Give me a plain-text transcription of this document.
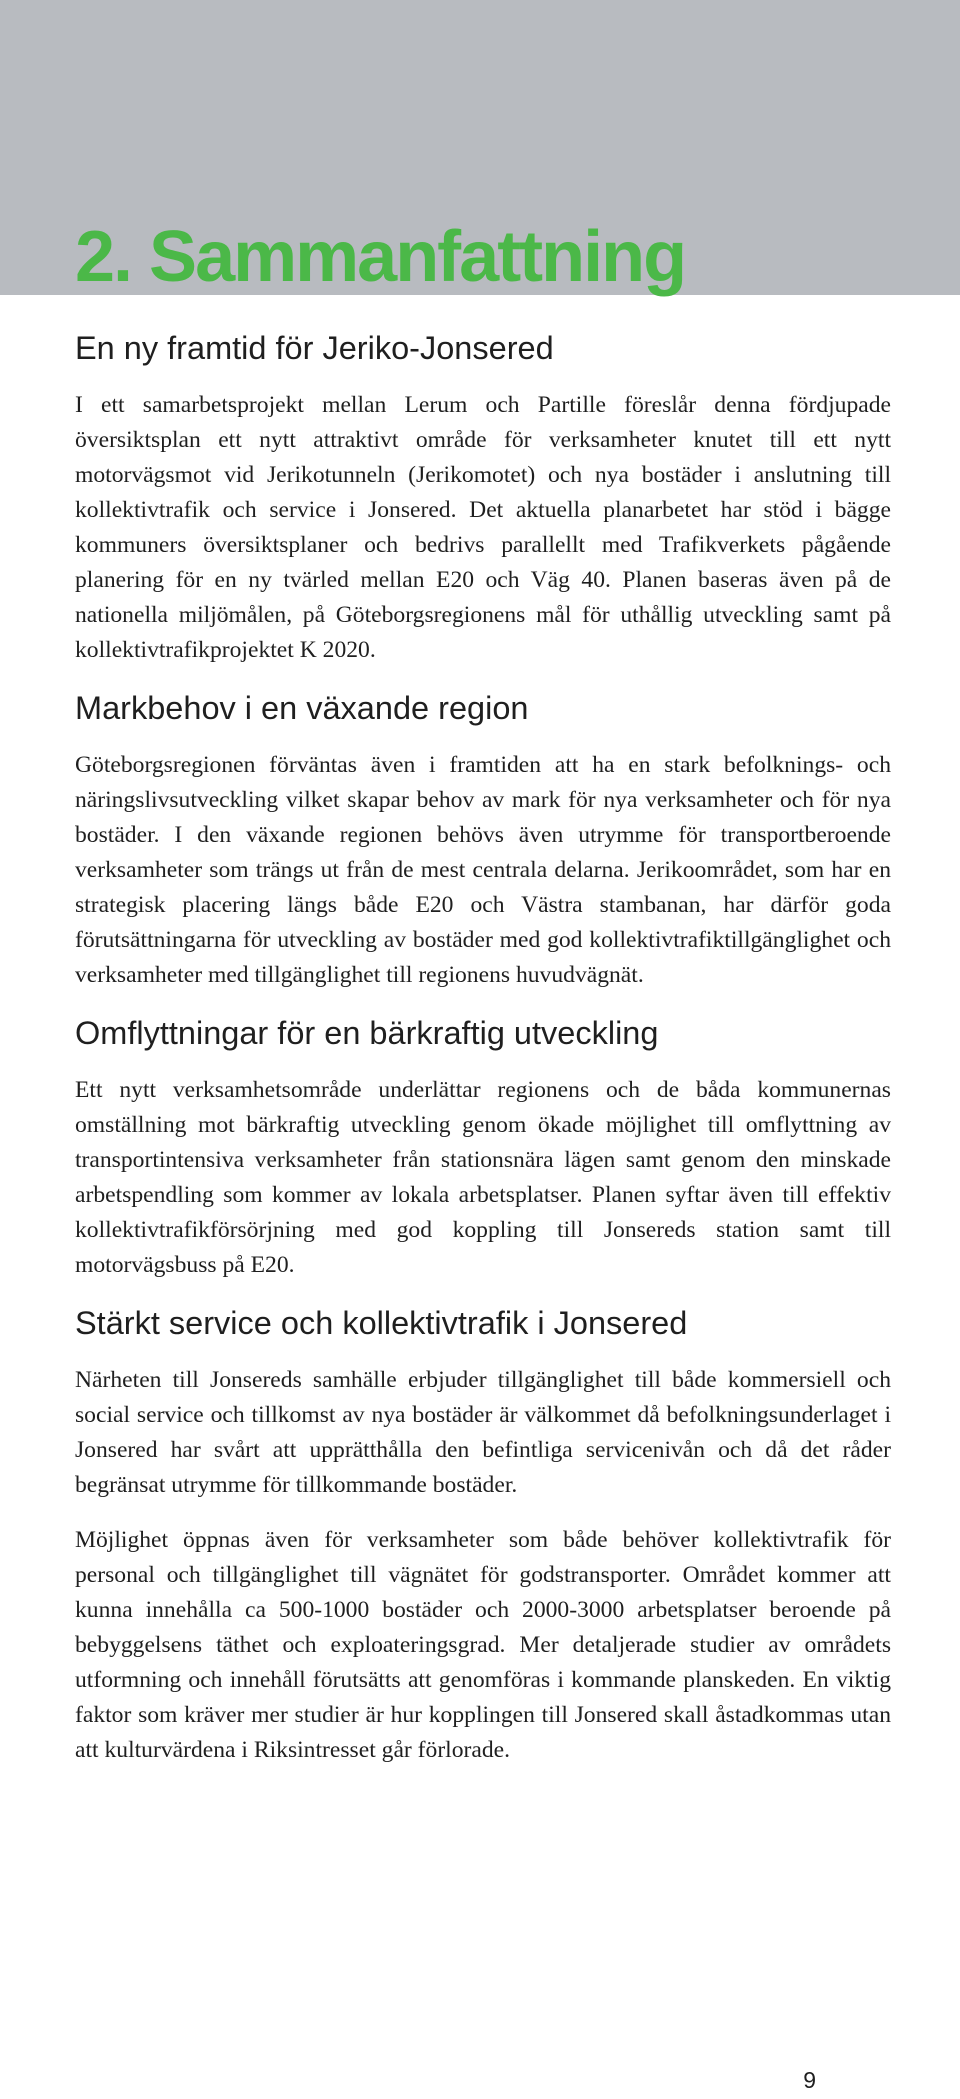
2. Sammanfattning
En ny framtid för Jeriko-Jonsered

I ett samarbetsprojekt mellan Lerum och Partille föreslår denna fördjupade översiktsplan ett nytt attraktivt område för verksamheter knutet till ett nytt motorvägsmot vid Jerikotunneln (Jerikomotet) och nya bostäder i anslutning till kollektivtrafik och service i Jonsered. Det aktuella planarbetet har stöd i bägge kommuners översiktsplaner och bedrivs parallellt med Trafikverkets pågående planering för en ny tvärled mellan E20 och Väg 40. Planen baseras även på de nationella miljömålen, på Göteborgsregionens mål för uthållig utveckling samt på kollektivtrafikprojektet K 2020.

Markbehov i en växande region

Göteborgsregionen förväntas även i framtiden att ha en stark befolknings- och näringslivsutveckling vilket skapar behov av mark för nya verksamheter och för nya bostäder. I den växande regionen behövs även utrymme för transportberoende verksamheter som trängs ut från de mest centrala delarna. Jerikoområdet, som har en strategisk placering längs både E20 och Västra stambanan, har därför goda förutsättningarna för utveckling av bostäder med god kollektivtrafiktillgänglighet och verksamheter med tillgänglighet till regionens huvudvägnät.

Omflyttningar för en bärkraftig utveckling

Ett nytt verksamhetsområde underlättar regionens och de båda kommunernas omställning mot bärkraftig utveckling genom ökade möjlighet till omflyttning av transportintensiva verksamheter från stationsnära lägen samt genom den minskade arbetspendling som kommer av lokala arbetsplatser. Planen syftar även till effektiv kollektivtrafikförsörjning med god koppling till Jonsereds station samt till motorvägsbuss på E20.

Stärkt service och kollektivtrafik i Jonsered

Närheten till Jonsereds samhälle erbjuder tillgänglighet till både kommersiell och social service och tillkomst av nya bostäder är välkommet då befolkningsunderlaget i Jonsered har svårt att upprätthålla den befintliga servicenivån och då det råder begränsat utrymme för tillkommande bostäder.

Möjlighet öppnas även för verksamheter som både behöver kollektivtrafik för personal och tillgänglighet till vägnätet för godstransporter. Området kommer att kunna innehålla ca 500-1000 bostäder och 2000-3000 arbetsplatser beroende på bebyggelsens täthet och exploateringsgrad. Mer detaljerade studier av områdets utformning och innehåll förutsätts att genomföras i kommande planskeden. En viktig faktor som kräver mer studier är hur kopplingen till Jonsered skall åstadkommas utan att kulturvärdena i Riksintresset går förlorade.

9
